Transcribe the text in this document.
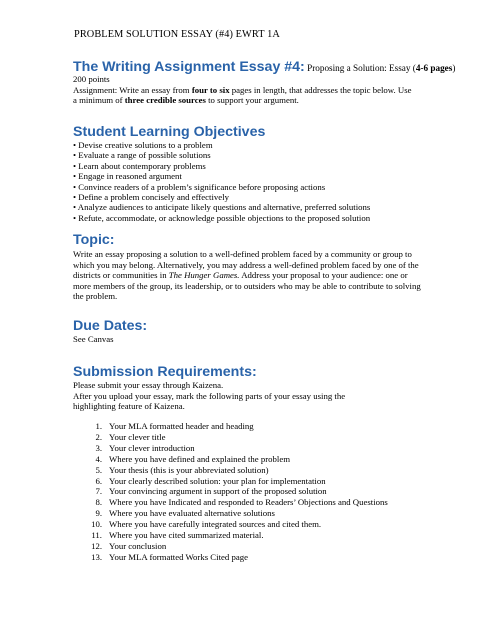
PROBLEM SOLUTION ESSAY (#4) EWRT 1A
The Writing Assignment Essay #4: Proposing a Solution: Essay (4-6 pages)

200 points

Assignment: Write an essay from four to six pages in length, that addresses the topic below. Use

a minimum of three credible sources to support your argument.

Student Learning Objectives
• Devise creative solutions to a problem
• Evaluate a range of possible solutions
• Learn about contemporary problems
• Engage in reasoned argument
• Convince readers of a problem’s significance before proposing actions
• Define a problem concisely and effectively
• Analyze audiences to anticipate likely questions and alternative, preferred solutions
• Refute, accommodate, or acknowledge possible objections to the proposed solution
Topic:

Write an essay proposing a solution to a well-defined problem faced by a community or group to which you may belong. Alternatively, you may address a well-defined problem faced by one of the districts or communities in The Hunger Games. Address your proposal to your audience: one or more members of the group, its leadership, or to outsiders who may be able to contribute to solving the problem.

Due Dates:
See Canvas
Submission Requirements:

Please submit your essay through Kaizena.

After you upload your essay, mark the following parts of your essay using the highlighting feature of Kaizena.

1. Your MLA formatted header and heading
2. Your clever title
3. Your clever introduction
4. Where you have defined and explained the problem
5. Your thesis (this is your abbreviated solution)
6. Your clearly described solution: your plan for implementation
7. Your convincing argument in support of the proposed solution
8. Where you have Indicated and responded to Readers’ Objections and Questions
9. Where you have evaluated alternative solutions
10. Where you have carefully integrated sources and cited them.
11. Where you have cited summarized material.
12. Your conclusion
13. Your MLA formatted Works Cited page
